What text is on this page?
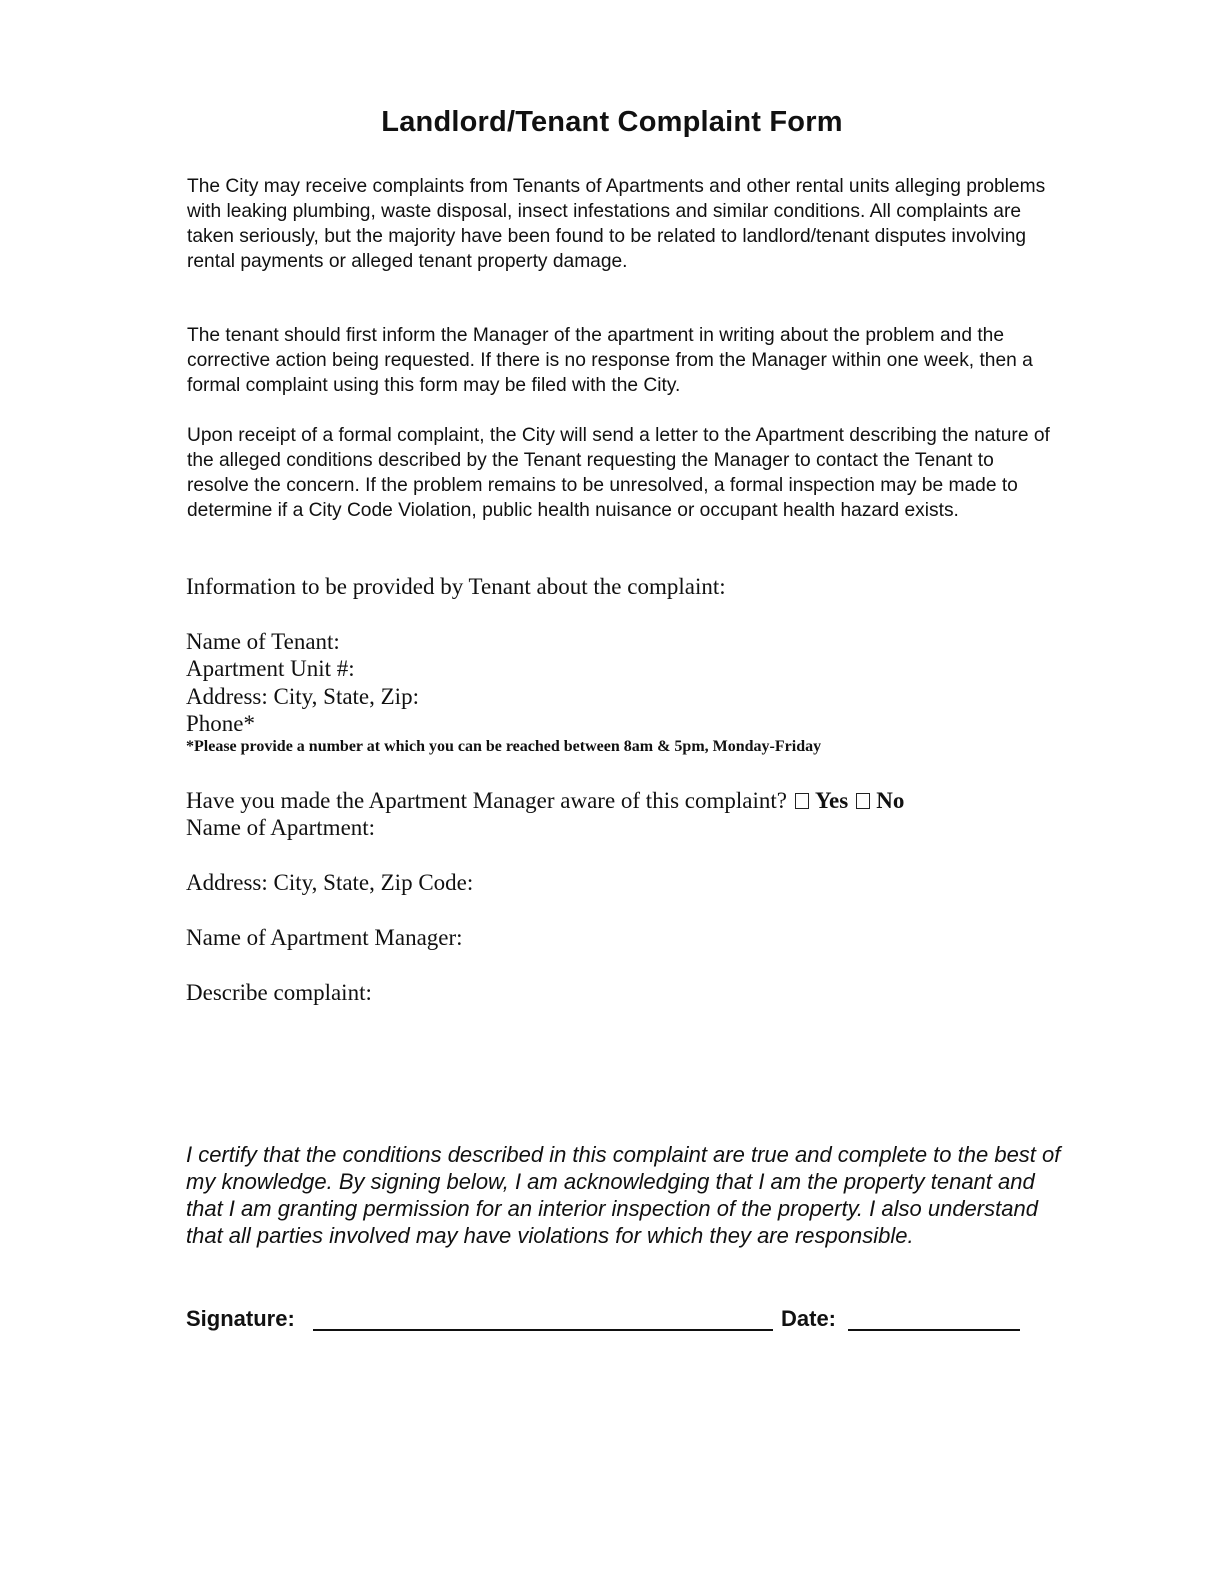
Landlord/Tenant Complaint Form

The City may receive complaints from Tenants of Apartments and other rental units alleging problems with leaking plumbing, waste disposal, insect infestations and similar conditions. All complaints are taken seriously, but the majority have been found to be related to landlord/tenant disputes involving rental payments or alleged tenant property damage.

The tenant should first inform the Manager of the apartment in writing about the problem and the corrective action being requested. If there is no response from the Manager within one week, then a formal complaint using this form may be filed with the City.

Upon receipt of a formal complaint, the City will send a letter to the Apartment describing the nature of the alleged conditions described by the Tenant requesting the Manager to contact the Tenant to resolve the concern. If the problem remains to be unresolved, a formal inspection may be made to determine if a City Code Violation, public health nuisance or occupant health hazard exists.

Information to be provided by Tenant about the complaint:

Name of Tenant:

Apartment Unit #:

Address: City, State, Zip:

Phone*

*Please provide a number at which you can be reached between 8am & 5pm, Monday-Friday

Have you made the Apartment Manager aware of this complaint? Yes No

Name of Apartment:

Address: City, State, Zip Code:

Name of Apartment Manager:

Describe complaint:

I certify that the conditions described in this complaint are true and complete to the best of my knowledge. By signing below, I am acknowledging that I am the property tenant and that I am granting permission for an interior inspection of the property. I also understand that all parties involved may have violations for which they are responsible.

Signature:	Date:
